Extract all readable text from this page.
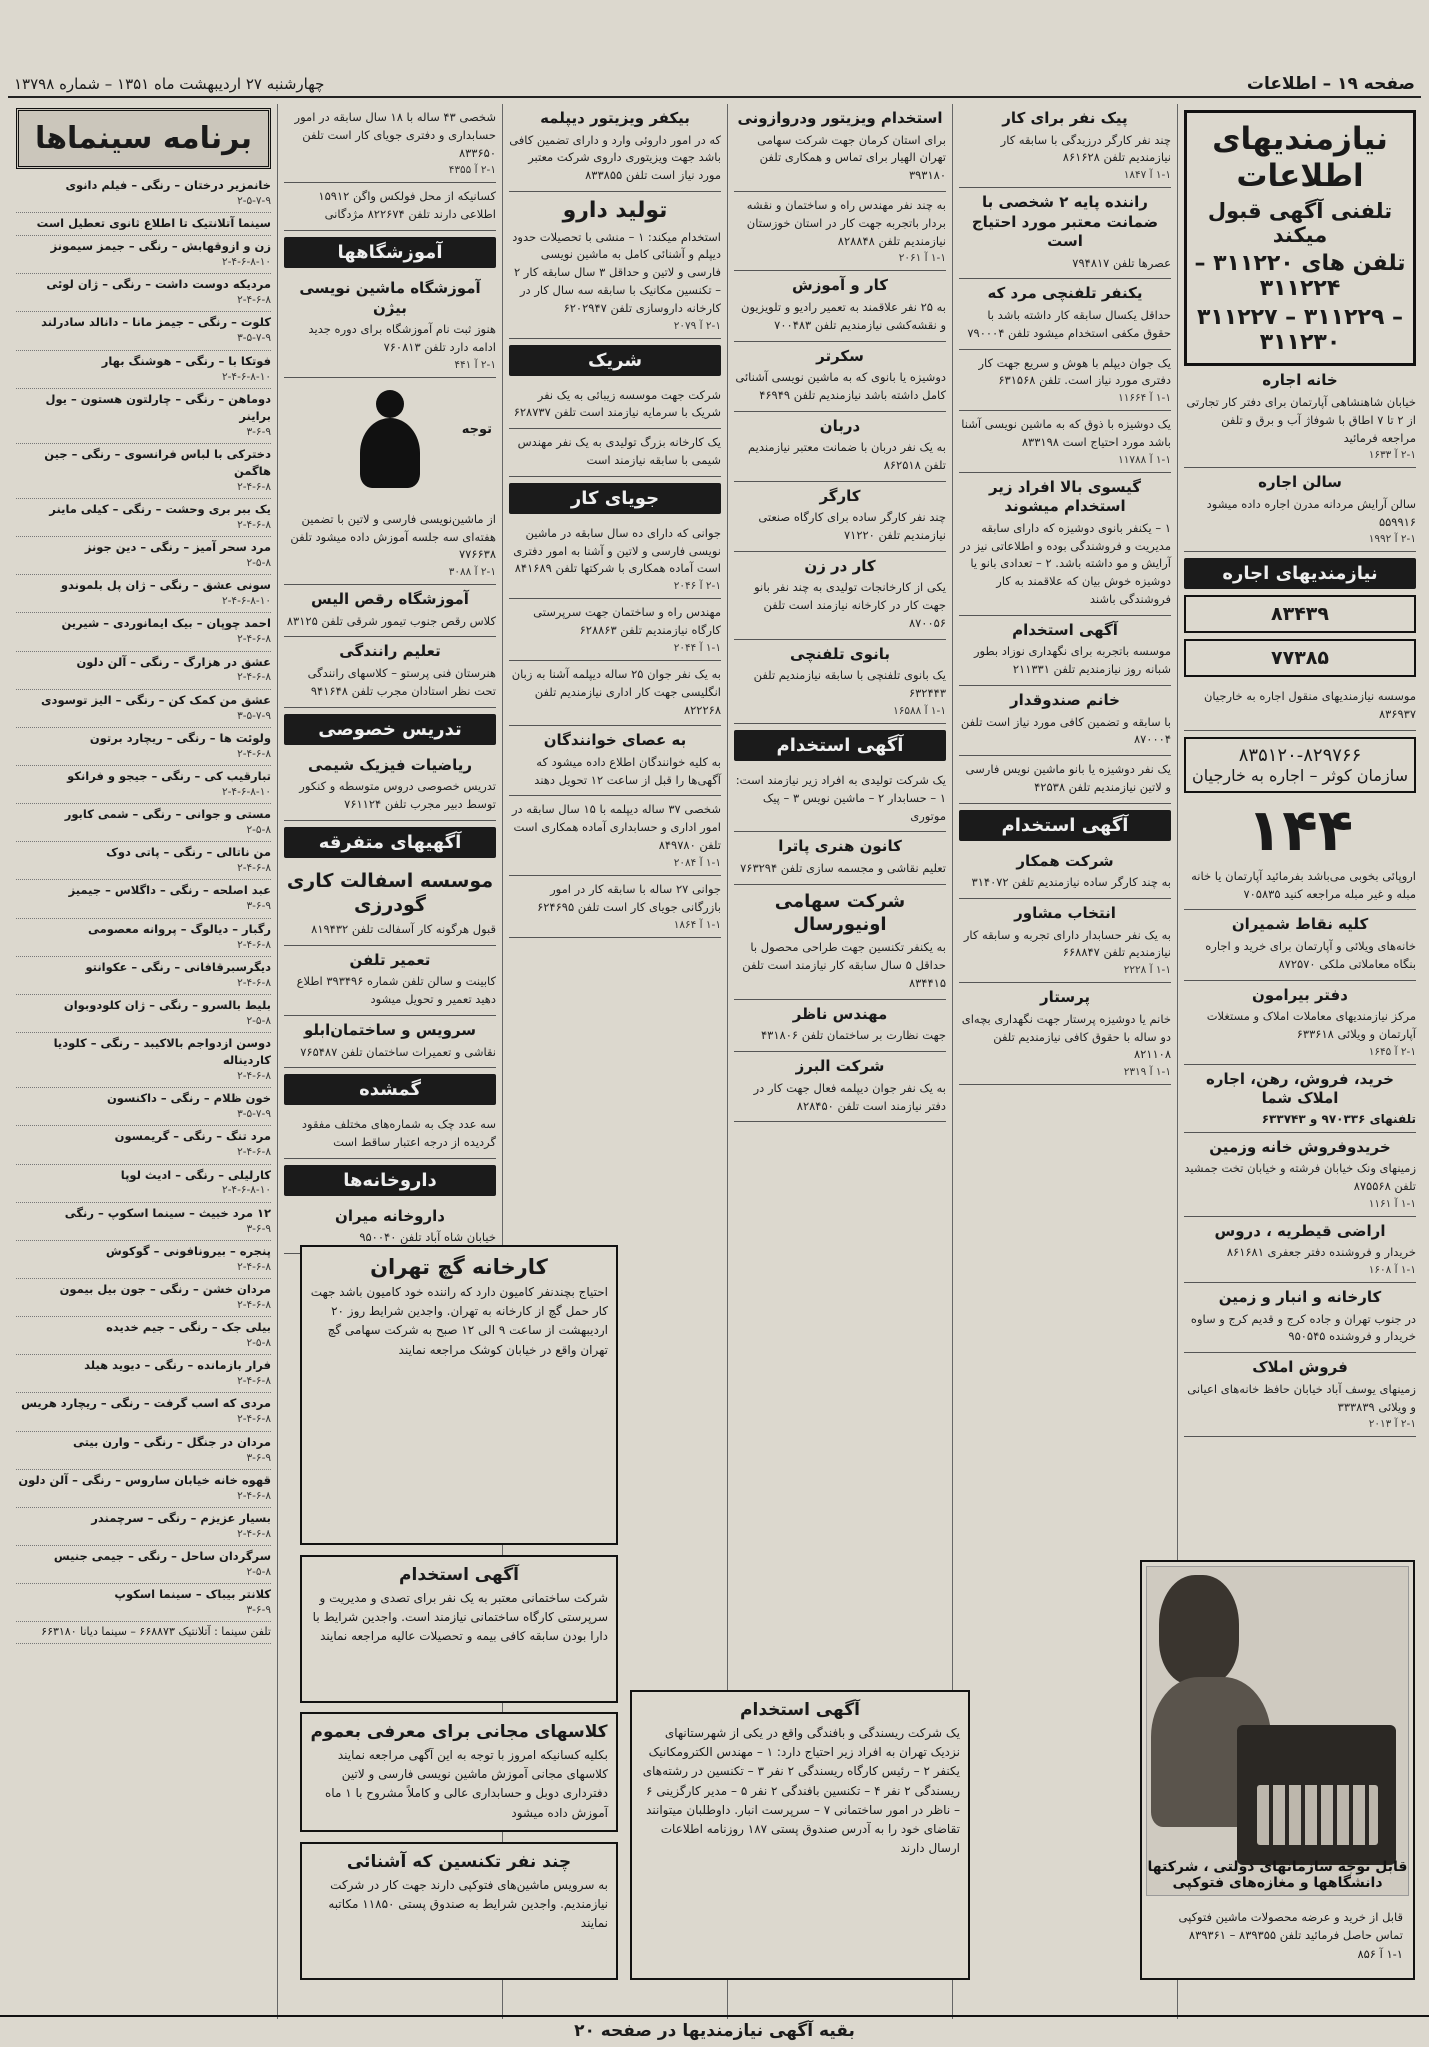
صفحه ۱۹ – اطلاعات
چهارشنبه ۲۷ اردیبهشت ماه ۱۳۵۱ – شماره ۱۳۷۹۸
نیازمندیهای اطلاعات
تلفنی آگهی قبول میکند
تلفن های ۳۱۱۲۲۰ – ۳۱۱۲۲۴
۳۱۱۲۲۷ – ۳۱۱۲۲۹ – ۳۱۱۲۳۰
خانه اجاره

خیابان شاهنشاهی آپارتمان برای دفتر کار تجارتی از ۲ تا ۷ اطاق با شوفاژ آب و برق و تلفن مراجعه فرمائید

۲-۱ آ ۱۶۳۳
سالن اجاره

سالن آرایش مردانه مدرن اجاره داده میشود ۵۵۹۹۱۶

۲-۱ آ ۱۹۹۲
نیازمندیهای اجاره
۸۳۴۳۹
۷۷۳۸۵

موسسه نیازمندیهای منقول اجاره به خارجیان ۸۳۶۹۳۷

۸۳۵۱۲۰-۸۲۹۷۶۶
سازمان کوثر – اجاره به خارجیان
۱۴۴

اروپائی بخوبی می‌باشد بفرمائید آپارتمان یا خانه مبله و غیر مبله مراجعه کنید ۷۰۵۸۳۵

کلیه نقاط شمیران

خانه‌های ویلائی و آپارتمان برای خرید و اجاره بنگاه معاملاتی ملکی ۸۷۲۵۷۰

دفتر بیرامون

مرکز نیازمندیهای معاملات املاک و مستغلات آپارتمان و ویلائی ۶۳۳۶۱۸

۲-۱ آ ۱۶۴۵
خرید، فروش، رهن، اجاره املاک شما
تلفنهای ۹۷۰۳۳۶ و ۶۳۳۷۴۳
خریدوفروش خانه وزمین

زمینهای ونک خیابان فرشته و خیابان تخت جمشید تلفن ۸۷۵۵۶۸

۱-۱ آ ۱۱۶۱
اراضی قیطریه ، دروس

خریدار و فروشنده دفتر جعفری ۸۶۱۶۸۱

۱-۱ آ ۱۶۰۸
کارخانه و انبار و زمین

در جنوب تهران و جاده کرج و قدیم کرج و ساوه خریدار و فروشنده ۹۵۰۵۴۵

فروش املاک

زمینهای یوسف آباد خیابان حافظ خانه‌های اعیانی و ویلائی ۳۳۳۸۳۹

۲-۱ آ ۲۰۱۳
پیک نفر برای کار

چند نفر کارگر درزیدگی با سابقه کار نیازمندیم تلفن ۸۶۱۶۲۸

۱-۱ آ ۱۸۴۷
راننده پایه ۲ شخصی با ضمانت معتبر مورد احتیاج است

عصرها تلفن ۷۹۴۸۱۷

یکنفر تلفنچی مرد که

حداقل یکسال سابقه کار داشته باشد با حقوق مکفی استخدام میشود تلفن ۷۹۰۰۰۴

یک جوان دیپلم با هوش و سریع جهت کار دفتری مورد نیاز است. تلفن ۶۳۱۵۶۸

۱-۱ آ ۱۱۶۶۴

یک دوشیزه با ذوق که به ماشین نویسی آشنا باشد مورد احتیاج است ۸۳۳۱۹۸

۱-۱ آ ۱۱۷۸۸
گیسوی بالا افراد زیر استخدام میشوند

۱ – یکنفر بانوی دوشیزه که دارای سابقه مدیریت و فروشندگی بوده و اطلاعاتی نیز در آرایش و مو داشته باشد. ۲ – تعدادی بانو یا دوشیزه خوش بیان که علاقمند به کار فروشندگی باشند

آگهی استخدام

موسسه باتجربه برای نگهداری نوزاد بطور شبانه روز نیازمندیم تلفن ۲۱۱۳۳۱

خانم صندوقدار

با سابقه و تضمین کافی مورد نیاز است تلفن ۸۷۰۰۰۴

یک نفر دوشیزه یا بانو ماشین نویس فارسی و لاتین نیازمندیم تلفن ۴۲۵۳۸

آگهی استخدام
شرکت همکار

به چند کارگر ساده نیازمندیم تلفن ۳۱۴۰۷۲

انتخاب مشاور

به یک نفر حسابدار دارای تجربه و سابقه کار نیازمندیم تلفن ۶۶۸۸۴۷

۱-۱ آ ۲۲۲۸
پرستار

خانم یا دوشیزه پرستار جهت نگهداری بچه‌ای دو ساله با حقوق کافی نیازمندیم تلفن ۸۲۱۱۰۸

۱-۱ آ ۲۳۱۹
استخدام ویزیتور ودروازونی

برای استان کرمان جهت شرکت سهامی تهران الهیار برای تماس و همکاری تلفن ۳۹۳۱۸۰

به چند نفر مهندس راه و ساختمان و نقشه بردار باتجربه جهت کار در استان خوزستان نیازمندیم تلفن ۸۲۸۸۴۸

۱-۱ آ ۲۰۶۱
کار و آموزش

به ۲۵ نفر علاقمند به تعمیر رادیو و تلویزیون و نقشه‌کشی نیازمندیم تلفن ۷۰۰۴۸۳

سکرتر

دوشیزه یا بانوی که به ماشین نویسی آشنائی کامل داشته باشد نیازمندیم تلفن ۴۶۹۴۹

دربان

به یک نفر دربان با ضمانت معتبر نیازمندیم تلفن ۸۶۲۵۱۸

کارگر

چند نفر کارگر ساده برای کارگاه صنعتی نیازمندیم تلفن ۷۱۲۲۰

کار در زن

یکی از کارخانجات تولیدی به چند نفر بانو جهت کار در کارخانه نیازمند است تلفن ۸۷۰۰۵۶

بانوی تلفنچی

یک بانوی تلفنچی با سابقه نیازمندیم تلفن ۶۳۲۴۴۳

۱-۱ آ ۱۶۵۸۸
آگهی استخدام

یک شرکت تولیدی به افراد زیر نیازمند است: ۱ – حسابدار ۲ – ماشین نویس ۳ – پیک موتوری

کانون هنری پاترا

تعلیم نقاشی و مجسمه سازی تلفن ۷۶۳۲۹۴

شرکت سهامی اونیورسال

به یکنفر تکنسین جهت طراحی محصول با حداقل ۵ سال سابقه کار نیازمند است تلفن ۸۳۴۴۱۵

مهندس ناظر

جهت نظارت بر ساختمان تلفن ۴۳۱۸۰۶

شرکت البرز

به یک نفر جوان دیپلمه فعال جهت کار در دفتر نیازمند است تلفن ۸۲۸۴۵۰

بیکفر ویزیتور دیپلمه

که در امور داروئی وارد و دارای تضمین کافی باشد جهت ویزیتوری داروی شرکت معتبر مورد نیاز است تلفن ۸۳۳۸۵۵

تولید دارو

استخدام میکند: ۱ – منشی با تحصیلات حدود دیپلم و آشنائی کامل به ماشین نویسی فارسی و لاتین و حداقل ۳ سال سابقه کار ۲ – تکنسین مکانیک با سابقه سه سال کار در کارخانه داروسازی تلفن ۶۲۰۲۹۴۷

۲-۱ آ ۲۰۷۹
شریک

شرکت جهت موسسه زیبائی به یک نفر شریک با سرمایه نیازمند است تلفن ۶۲۸۷۳۷

یک کارخانه بزرگ تولیدی به یک نفر مهندس شیمی با سابقه نیازمند است

جویای کار

جوانی که دارای ده سال سابقه در ماشین نویسی فارسی و لاتین و آشنا به امور دفتری است آماده همکاری با شرکتها تلفن ۸۴۱۶۸۹

۲-۱ آ ۲۰۴۶

مهندس راه و ساختمان جهت سرپرستی کارگاه نیازمندیم تلفن ۶۲۸۸۶۳

۱-۱ آ ۲۰۴۴

به یک نفر جوان ۲۵ ساله دیپلمه آشنا به زبان انگلیسی جهت کار اداری نیازمندیم تلفن ۸۲۲۲۶۸

به عصای خوانندگان

به کلیه خوانندگان اطلاع داده میشود که آگهی‌ها را قبل از ساعت ۱۲ تحویل دهند

شخصی ۳۷ ساله دیپلمه با ۱۵ سال سابقه در امور اداری و حسابداری آماده همکاری است تلفن ۸۴۹۷۸۰

۱-۱ آ ۲۰۸۴

جوانی ۲۷ ساله با سابقه کار در امور بازرگانی جویای کار است تلفن ۶۲۴۶۹۵

۱-۱ آ ۱۸۶۴

شخصی ۴۳ ساله با ۱۸ سال سابقه در امور حسابداری و دفتری جویای کار است تلفن ۸۳۳۶۵۰

۲-۱ آ ۴۳۵۵

کسانیکه از محل فولکس واگن ۱۵۹۱۲ اطلاعی دارند تلفن ۸۲۲۶۷۴ مژدگانی

آموزشگاهها
آموزشگاه ماشین نویسی بیژن

هنوز ثبت نام آموزشگاه برای دوره جدید ادامه دارد تلفن ۷۶۰۸۱۳

۲-۱ آ ۴۴۱
توجه

از ماشین‌نویسی فارسی و لاتین با تضمین هفته‌ای سه جلسه آموزش داده میشود تلفن ۷۷۶۶۳۸

۲-۱ آ ۳۰۸۸
آموزشگاه رقص الیس

کلاس رقص جنوب تیمور شرقی تلفن ۸۳۱۲۵

تعلیم رانندگی

هنرستان فنی پرستو – کلاسهای رانندگی تحت نظر استادان مجرب تلفن ۹۴۱۶۴۸

تدریس خصوصی
ریاضیات فیزیک شیمی

تدریس خصوصی دروس متوسطه و کنکور توسط دبیر مجرب تلفن ۷۶۱۱۲۴

آگهیهای متفرقه
موسسه اسفالت کاری گودرزی

قبول هرگونه کار آسفالت تلفن ۸۱۹۴۳۲

تعمیر تلفن

کابینت و سالن تلفن شماره ۳۹۳۴۹۶ اطلاع دهید تعمیر و تحویل میشود

سرویس و ساختمان‌ابلو

نقاشی و تعمیرات ساختمان تلفن ۷۶۵۴۸۷

گمشده

سه عدد چک به شماره‌های مختلف مفقود گردیده از درجه اعتبار ساقط است

داروخانه‌ها
داروخانه میران

خیابان شاه آباد تلفن ۹۵۰۰۴۰

برنامه سینماها
خانمزیر درختان – رنگی – فیلم دانوی
۲-۵-۷-۹
سینما آتلانتیک تا اطلاع ثانوی تعطیل است
زن و ازوقهابش – رنگی – جیمز سیمونز
۲-۴-۶-۸-۱۰
مردیکه دوست داشت – رنگی – ژان لوئی
۲-۴-۶-۸
کلوت – رنگی – جیمز مانا – دانالد سادرلند
۳-۵-۷-۹
فوتکا با – رنگی – هوشنگ بهار
۲-۴-۶-۸-۱۰
دوماهن – رنگی – چارلتون هستون – یول براینر
۳-۶-۹
دخترکی با لباس فرانسوی – رنگی – جین هاگمن
۲-۴-۶-۸
یک ببر بری وحشت – رنگی – کیلی ماینر
۲-۴-۶-۸
مرد سحر آمیز – رنگی – دین جونز
۲-۵-۸
سونی عشق – رنگی – ژان پل بلموندو
۲-۴-۶-۸-۱۰
احمد چوپان – بیک ایمانوردی – شیرین
۲-۴-۶-۸
عشق در هزارگ – رنگی – آلن دلون
۲-۴-۶-۸
عشق من کمک کن – رنگی – الیز توسودی
۳-۵-۷-۹
ولوئت ها – رنگی – ریچارد برتون
۲-۴-۶-۸
تبارقیب کی – رنگی – جیجو و فرانکو
۲-۴-۶-۸-۱۰
مستی و جوانی – رنگی – شمی کابور
۲-۵-۸
من ناتالی – رنگی – پاتی دوک
۲-۴-۶-۸
عبد اصلحه – رنگی – داگلاس – جیمیز
۳-۶-۹
رگبار – دیالوگ – پروانه معصومی
۲-۴-۶-۸
دیگرسبرقافانی – رنگی – عکوانتو
۲-۴-۶-۸
بلیط بالسرو – رنگی – ژان کلودوبوان
۲-۵-۸
دوسن ازدواجم بالاکیبد – رنگی – کلودیا کاردیناله
۲-۴-۶-۸
خون ظلام – رنگی – داکنسون
۳-۵-۷-۹
مرد تنگ – رنگی – گریمسون
۲-۴-۶-۸
کارلیلی – رنگی – ادیث لوپا
۲-۴-۶-۸-۱۰
۱۲ مرد خبیث – سینما اسکوپ – رنگی
۳-۶-۹
پنجره – بیرونافونی – گوکوش
۲-۴-۶-۸
مردان خشن – رنگی – جون بیل بیمون
۲-۴-۶-۸
بیلی جک – رنگی – جیم خدیده
۲-۵-۸
فرار بازمانده – رنگی – دیوید هیلد
۲-۴-۶-۸
مردی که اسب گرفت – رنگی – ریچارد هریس
۲-۴-۶-۸
مردان در جنگل – رنگی – وارن بیتی
۳-۶-۹
قهوه خانه خیابان ساروس – رنگی – آلن دلون
۲-۴-۶-۸
بسیار عزیزم – رنگی – سرچمندر
۲-۴-۶-۸
سرگردان ساحل – رنگی – جیمی جنیس
۲-۵-۸
کلانتر بیباک – سینما اسکوپ
۳-۶-۹
تلفن سینما : آتلانتیک ۶۶۸۸۷۳ – سینما دیانا ۶۶۳۱۸۰
کارخانه گچ تهران

احتیاج بچندنفر کامیون دارد که راننده خود کامیون باشد جهت کار حمل گچ از کارخانه به تهران. واجدین شرایط روز ۲۰ اردیبهشت از ساعت ۹ الی ۱۲ صبح به شرکت سهامی گچ تهران واقع در خیابان کوشک مراجعه نمایند

آگهی استخدام

شرکت ساختمانی معتبر به یک نفر برای تصدی و مدیریت و سرپرستی کارگاه ساختمانی نیازمند است. واجدین شرایط با دارا بودن سابقه کافی بیمه و تحصیلات عالیه مراجعه نمایند

آگهی استخدام

یک شرکت ریسندگی و بافندگی واقع در یکی از شهرستانهای نزدیک تهران به افراد زیر احتیاج دارد: ۱ – مهندس الکترومکانیک یکنفر ۲ – رئیس کارگاه ریسندگی ۲ نفر ۳ – تکنسین در رشته‌های ریسندگی ۲ نفر ۴ – تکنسین بافندگی ۲ نفر ۵ – مدیر کارگزینی ۶ – ناظر در امور ساختمانی ۷ – سرپرست انبار. داوطلبان میتوانند تقاضای خود را به آدرس صندوق پستی ۱۸۷ روزنامه اطلاعات ارسال دارند

کلاسهای مجانی برای معرفی بعموم

بکلیه کسانیکه امروز با توجه به این آگهی مراجعه نمایند کلاسهای مجانی آموزش ماشین نویسی فارسی و لاتین دفترداری دوبل و حسابداری عالی و کاملاً مشروح با ۱ ماه آموزش داده میشود

چند نفر تکنسین که آشنائی

به سرویس ماشین‌های فتوکپی دارند جهت کار در شرکت نیازمندیم. واجدین شرایط به صندوق پستی ۱۱۸۵۰ مکاتبه نمایند

قابل توجه سازمانهای دولتی ، شرکتها دانشگاهها و مغازه‌های فتوکپی
قابل از خرید و عرضه محصولات ماشین فتوکپی تماس حاصل فرمائید تلفن ۸۳۹۳۵۵ – ۸۳۹۳۶۱
۱-۱ آ ۸۵۶
بقیه آگهی نیازمندیها در صفحه ۲۰
